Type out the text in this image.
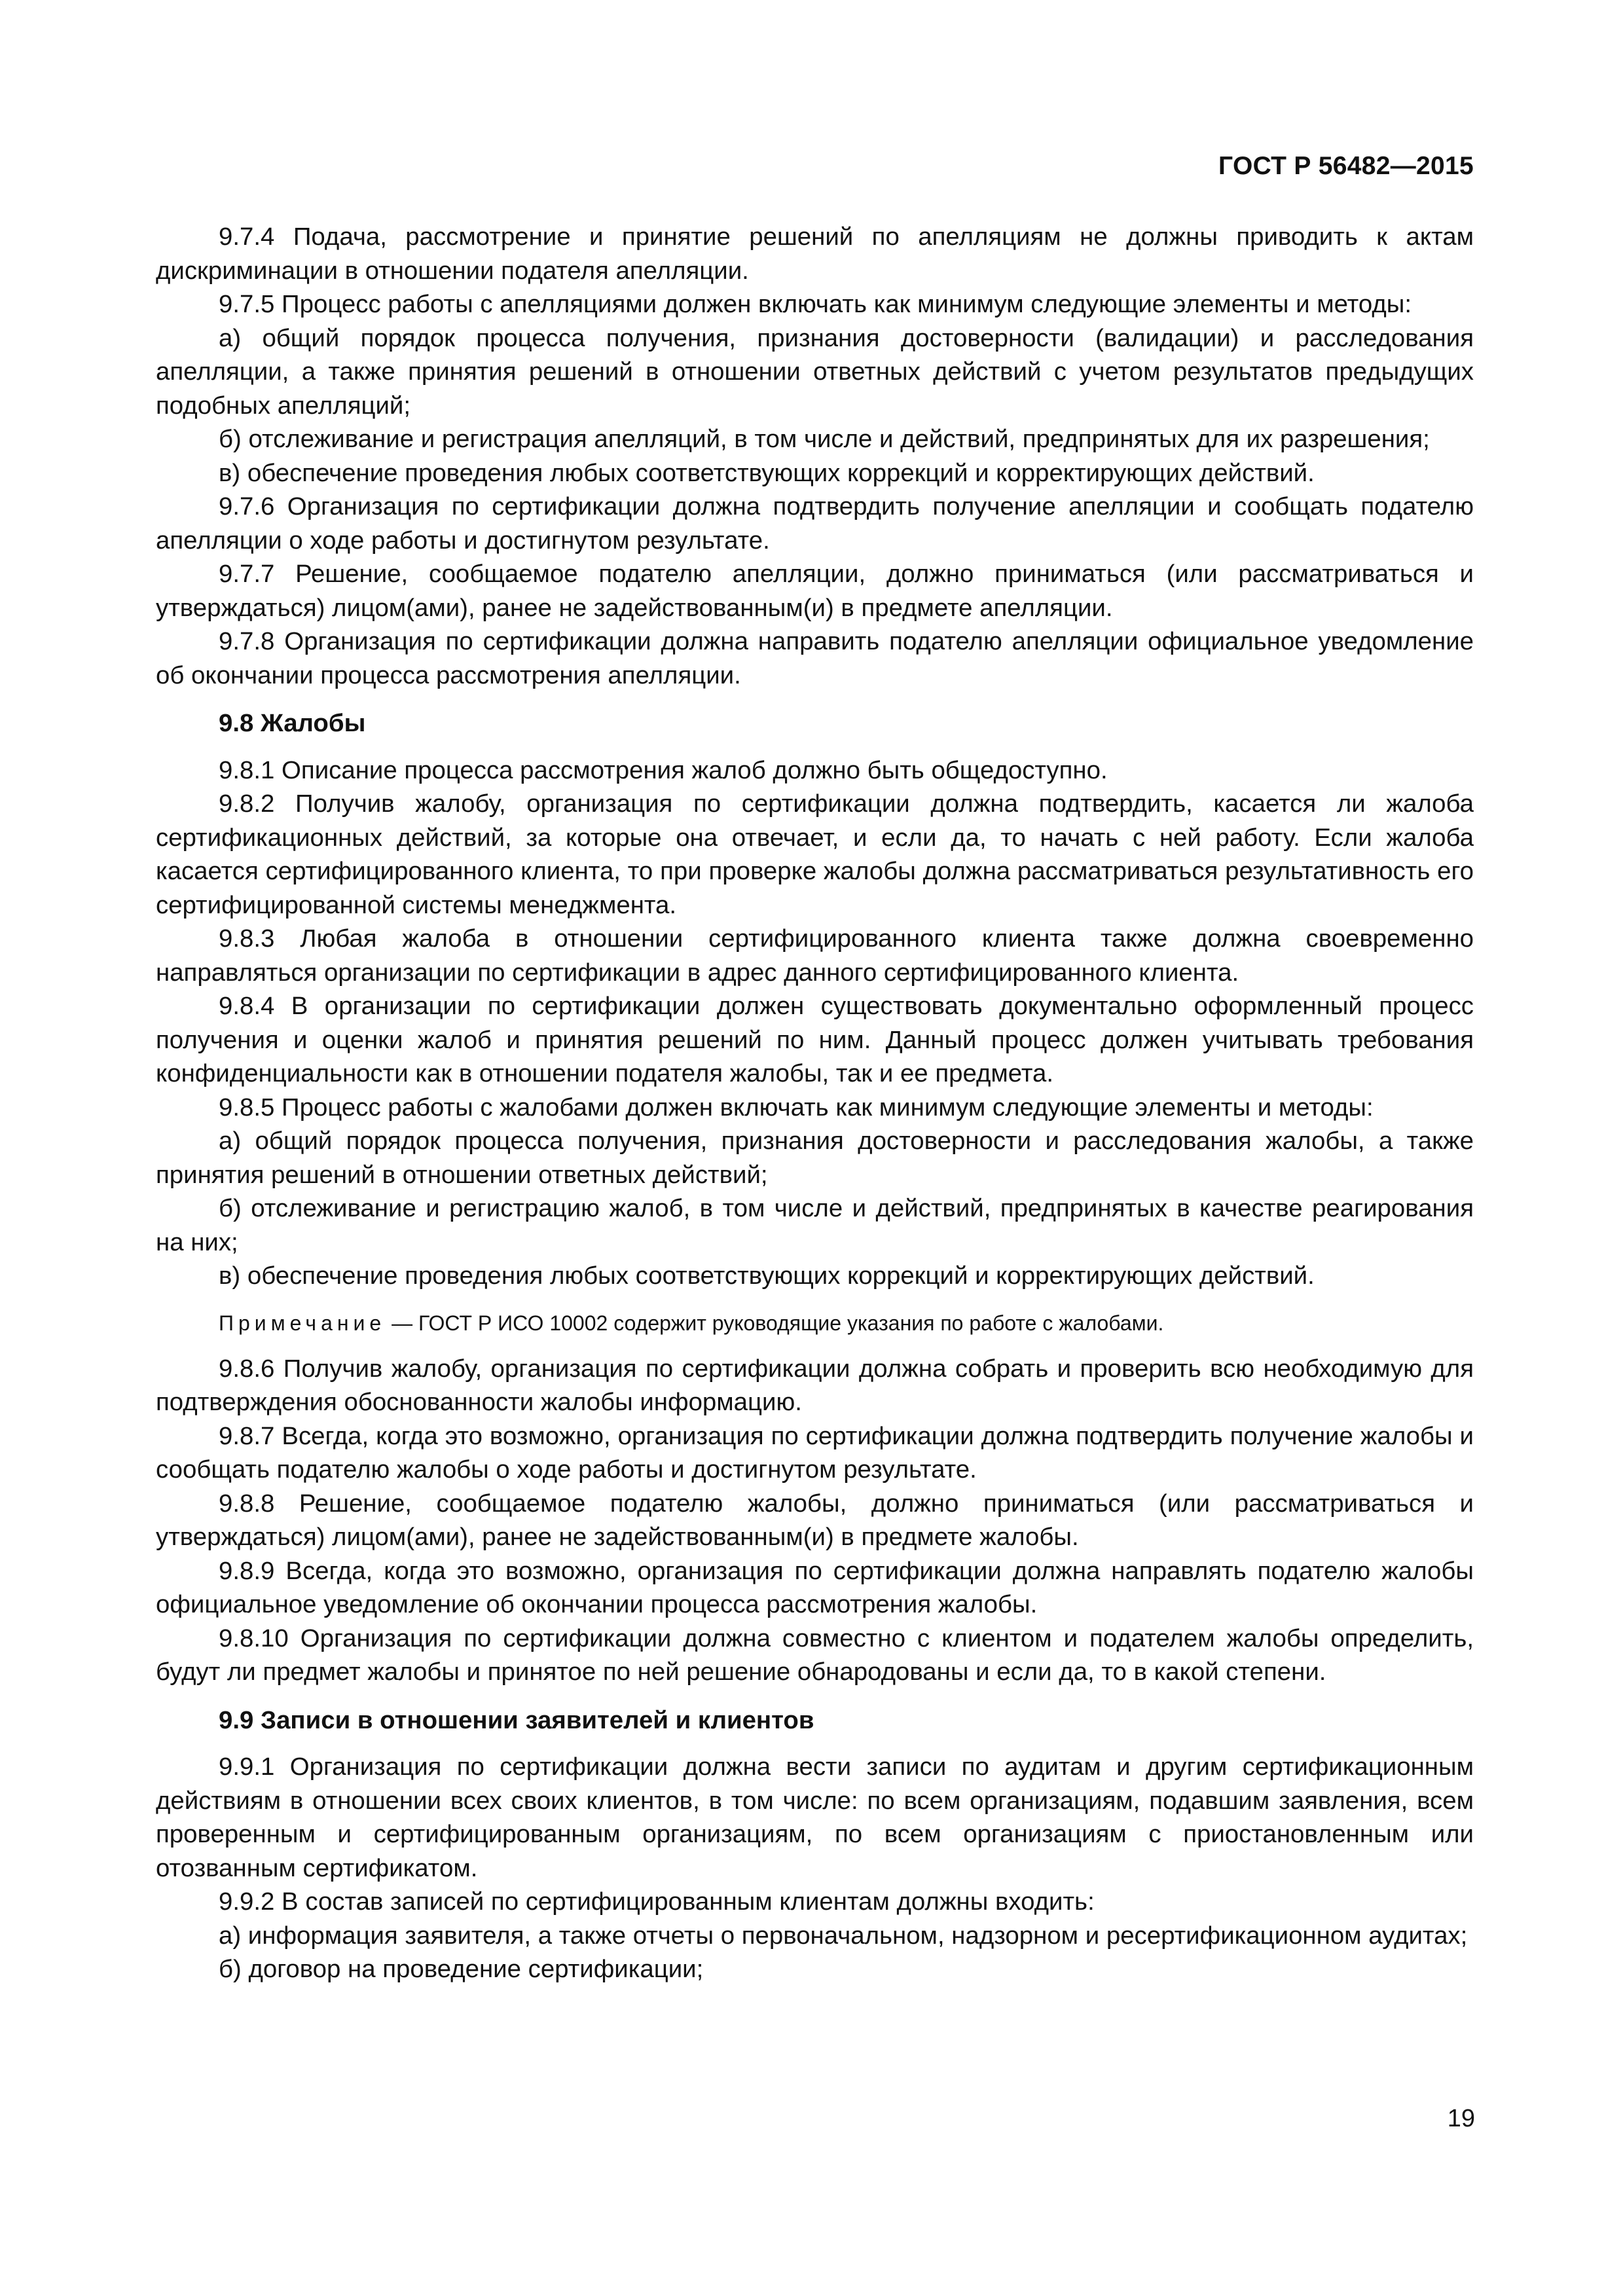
ГОСТ Р 56482—2015

9.7.4 Подача, рассмотрение и принятие решений по апелляциям не должны приводить к актам дискриминации в отношении подателя апелляции.

9.7.5 Процесс работы с апелляциями должен включать как минимум следующие элементы и методы:

а) общий порядок процесса получения, признания достоверности (валидации) и расследования апелляции, а также принятия решений в отношении ответных действий с учетом результатов предыдущих подобных апелляций;

б) отслеживание и регистрация апелляций, в том числе и действий, предпринятых для их разрешения;

в) обеспечение проведения любых соответствующих коррекций и корректирующих действий.

9.7.6 Организация по сертификации должна подтвердить получение апелляции и сообщать подателю апелляции о ходе работы и достигнутом результате.

9.7.7 Решение, сообщаемое подателю апелляции, должно приниматься (или рассматриваться и утверждаться) лицом(ами), ранее не задействованным(и) в предмете апелляции.

9.7.8 Организация по сертификации должна направить подателю апелляции официальное уведомление об окончании процесса рассмотрения апелляции.

9.8 Жалобы

9.8.1 Описание процесса рассмотрения жалоб должно быть общедоступно.

9.8.2 Получив жалобу, организация по сертификации должна подтвердить, касается ли жалоба сертификационных действий, за которые она отвечает, и если да, то начать с ней работу. Если жалоба касается сертифицированного клиента, то при проверке жалобы должна рассматриваться результативность его сертифицированной системы менеджмента.

9.8.3 Любая жалоба в отношении сертифицированного клиента также должна своевременно направляться организации по сертификации в адрес данного сертифицированного клиента.

9.8.4 В организации по сертификации должен существовать документально оформленный процесс получения и оценки жалоб и принятия решений по ним. Данный процесс должен учитывать требования конфиденциальности как в отношении подателя жалобы, так и ее предмета.

9.8.5 Процесс работы с жалобами должен включать как минимум следующие элементы и методы:

а) общий порядок процесса получения, признания достоверности и расследования жалобы, а также принятия решений в отношении ответных действий;

б) отслеживание и регистрацию жалоб, в том числе и действий, предпринятых в качестве реагирования на них;

в) обеспечение проведения любых соответствующих коррекций и корректирующих действий.

Примечание — ГОСТ Р ИСО 10002 содержит руководящие указания по работе с жалобами.

9.8.6 Получив жалобу, организация по сертификации должна собрать и проверить всю необходимую для подтверждения обоснованности жалобы информацию.

9.8.7 Всегда, когда это возможно, организация по сертификации должна подтвердить получение жалобы и сообщать подателю жалобы о ходе работы и достигнутом результате.

9.8.8 Решение, сообщаемое подателю жалобы, должно приниматься (или рассматриваться и утверждаться) лицом(ами), ранее не задействованным(и) в предмете жалобы.

9.8.9 Всегда, когда это возможно, организация по сертификации должна направлять подателю жалобы официальное уведомление об окончании процесса рассмотрения жалобы.

9.8.10 Организация по сертификации должна совместно с клиентом и подателем жалобы определить, будут ли предмет жалобы и принятое по ней решение обнародованы и если да, то в какой степени.

9.9 Записи в отношении заявителей и клиентов

9.9.1 Организация по сертификации должна вести записи по аудитам и другим сертификационным действиям в отношении всех своих клиентов, в том числе: по всем организациям, подавшим заявления, всем проверенным и сертифицированным организациям, по всем организациям с приостановленным или отозванным сертификатом.

9.9.2 В состав записей по сертифицированным клиентам должны входить:

а) информация заявителя, а также отчеты о первоначальном, надзорном и ресертификационном аудитах;

б) договор на проведение сертификации;

19
